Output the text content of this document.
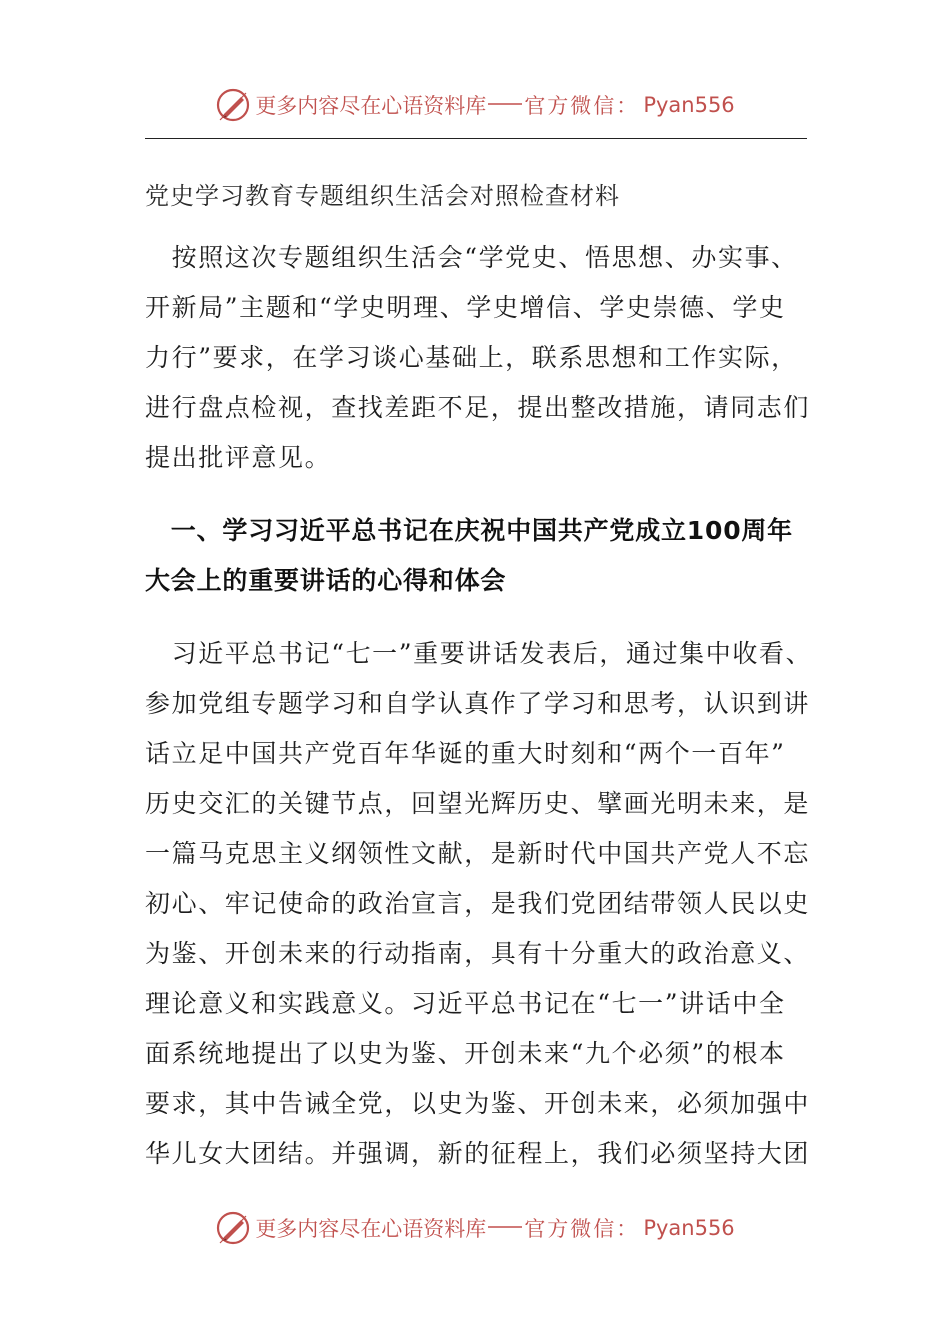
更多内容尽在心语资料库 官方微信： Pyan556
党史学习教育专题组织生活会对照检查材料
　按照这次专题组织生活会“学党史、悟思想、办实事、
开新局”主题和“学史明理、学史增信、学史崇德、学史
力行”要求，在学习谈心基础上，联系思想和工作实际，
进行盘点检视，查找差距不足，提出整改措施，请同志们
提出批评意见。
　一、学习习近平总书记在庆祝中国共产党成立100周年
大会上的重要讲话的心得和体会
　习近平总书记“七一”重要讲话发表后，通过集中收看、
参加党组专题学习和自学认真作了学习和思考，认识到讲
话立足中国共产党百年华诞的重大时刻和“两个一百年”
历史交汇的关键节点，回望光辉历史、擘画光明未来，是
一篇马克思主义纲领性文献，是新时代中国共产党人不忘
初心、牢记使命的政治宣言，是我们党团结带领人民以史
为鉴、开创未来的行动指南，具有十分重大的政治意义、
理论意义和实践意义。习近平总书记在“七一”讲话中全
面系统地提出了以史为鉴、开创未来“九个必须”的根本
要求，其中告诫全党，以史为鉴、开创未来，必须加强中
华儿女大团结。并强调，新的征程上，我们必须坚持大团
更多内容尽在心语资料库 官方微信： Pyan556
